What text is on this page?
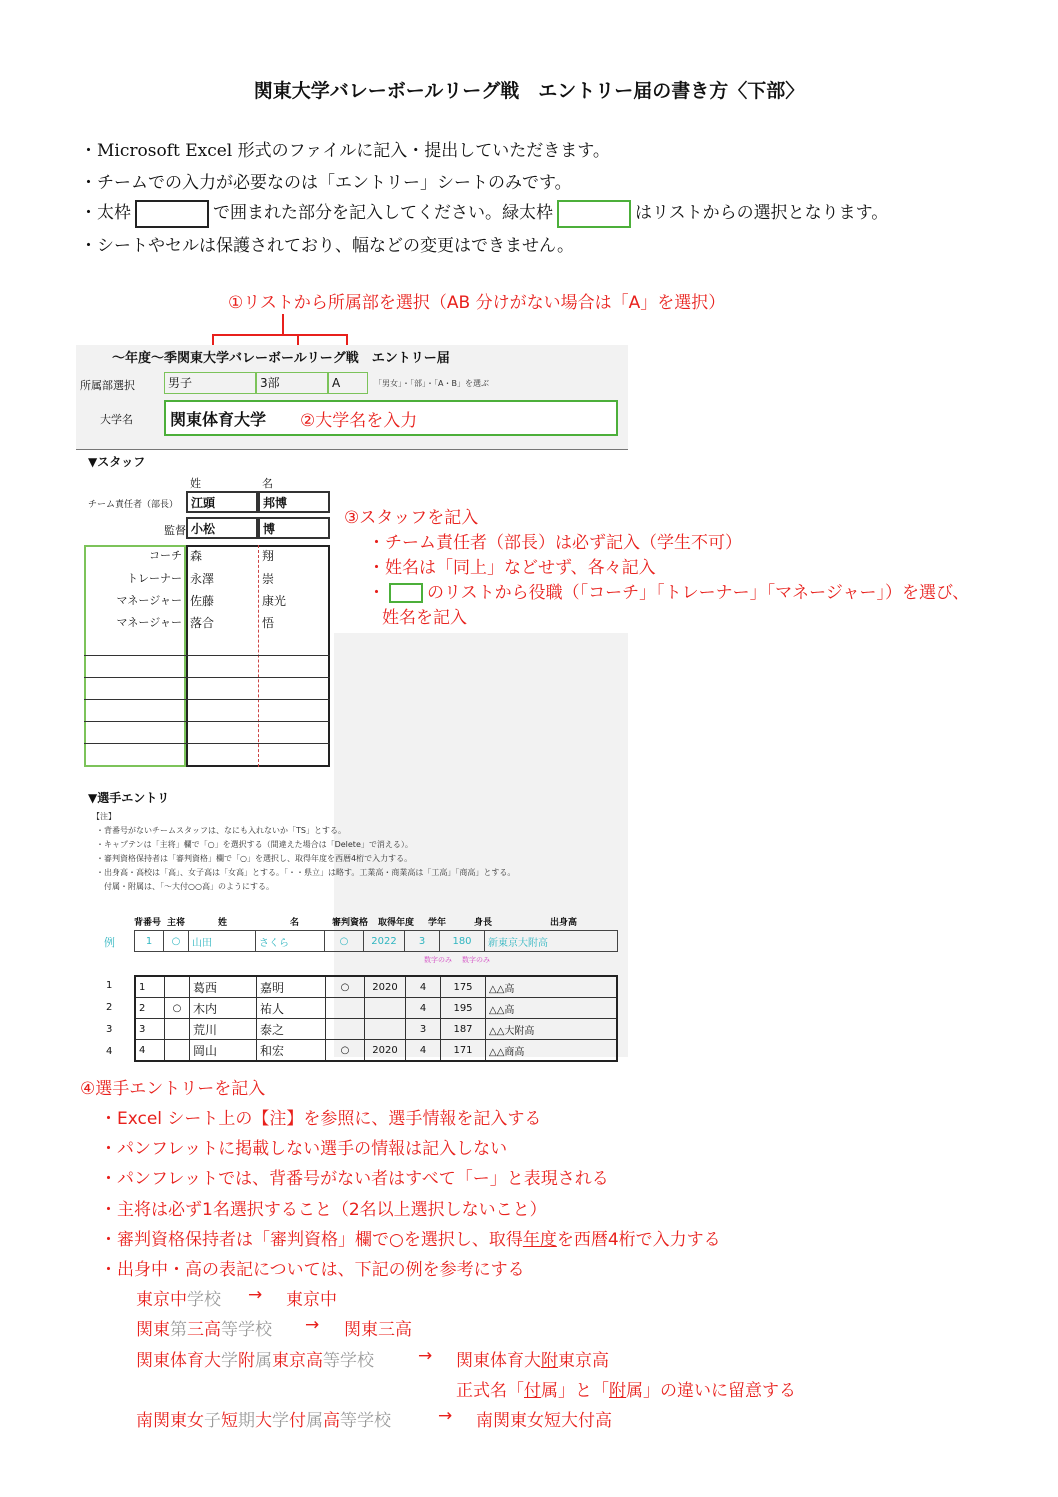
関東大学バレーボールリーグ戦　エントリー届の書き方〈下部〉
・Microsoft Excel 形式のファイルに記入・提出していただきます。
・チームでの入力が必要なのは「エントリー」シートのみです。
・太枠	で囲まれた部分を記入してください。緑太枠	はリストからの選択となります。
・シートやセルは保護されており、幅などの変更はできません。
①リストから所属部を選択（AB 分けがない場合は「A」を選択）
～年度～季関東大学バレーボールリーグ戦　エントリー届
所属部選択	男子	3部	A	「男女」・「部」・「A・B」を選ぶ
大学名 関東体育大学
▼スタッフ
姓	名
チーム責任者（部長）	江頭	邦博
監督 小松	博
コーチ 森	翔
トレーナー 永澤	崇
マネージャー 佐藤	康光
マネージャー 落合	悟
▼選手エントリ
【注】
・背番号がないチームスタッフは、なにも入れないか「TS」とする。
・キャプテンは「主将」欄で「○」を選択する（間違えた場合は「Delete」で消える）。
・審判資格保持者は「審判資格」欄で「○」を選択し、取得年度を西暦4桁で入力する。
・出身高・高校は「高」、女子高は「女高」とする。「・・県立」は略す。工業高・商業高は「工高」「商高」とする。
　付属・附属は、「～大付○○高」のようにする。
背番号 主将	姓	名	審判資格 取得年度 学年	身長	出身高
例	1	○	山田	さくら	○	2022	3	180	新東京大附高
数字のみ 数字のみ
1		葛西	嘉明	○	2020	4	175	△△高
2	○	木内	祐人			4	195	△△高
3		荒川	泰之			3	187	△△大附高
4		岡山	和宏	○	2020	4	171	△△商高
1
2
3
4
②大学名を入力
③スタッフを記入
・チーム責任者（部長）は必ず記入（学生不可）
・姓名は「同上」などせず、各々記入
・ のリストから役職（「コーチ」「トレーナー」「マネージャー」）を選び、
姓名を記入
④選手エントリーを記入
・Excel シート上の【注】を参照に、選手情報を記入する
・パンフレットに掲載しない選手の情報は記入しない
・パンフレットでは、背番号がない者はすべて「ー」と表現される
・主将は必ず1名選択すること（2名以上選択しないこと）
・審判資格保持者は「審判資格」欄で○を選択し、取得年度を西暦4桁で入力する
・出身中・高の表記については、下記の例を参考にする
東京中学校 → 東京中
関東第三高等学校 → 関東三高
関東体育大学附属東京高等学校	→ 関東体育大附東京高
正式名「付属」と「附属」の違いに留意する
南関東女子短期大学付属高等学校	→ 南関東女短大付高
